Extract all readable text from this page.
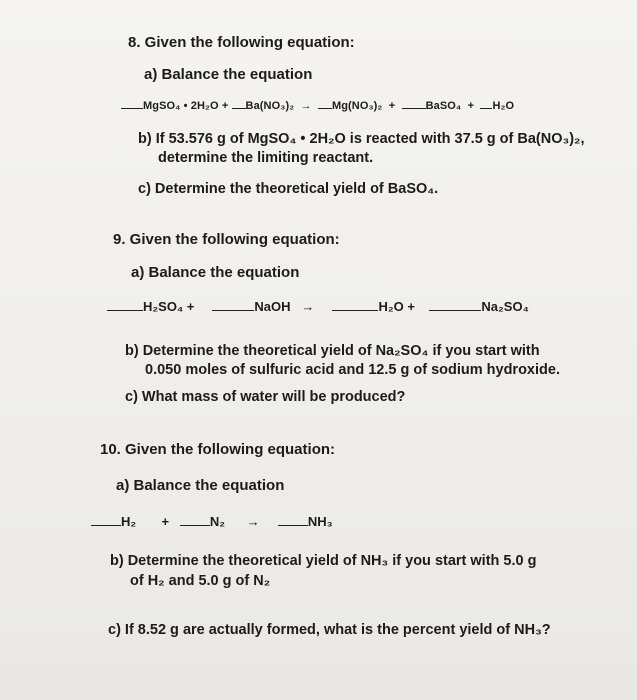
8. Given the following equation:
a) Balance the equation
MgSO₄ • 2H₂O + Ba(NO₃)₂ → Mg(NO₃)₂ +	BaSO₄ + H₂O
b) If 53.576 g of MgSO₄ • 2H₂O is reacted with 37.5 g of Ba(NO₃)₂,
determine the limiting reactant.
c) Determine the theoretical yield of BaSO₄.
9. Given the following equation:
a) Balance the equation
H₂SO₄ +	NaOH →	H₂O +	Na₂SO₄
b) Determine the theoretical yield of Na₂SO₄ if you start with
0.050 moles of sulfuric acid and 12.5 g of sodium hydroxide.
c) What mass of water will be produced?
10. Given the following equation:
a) Balance the equation
H₂ +	N₂ →	NH₃
b) Determine the theoretical yield of NH₃ if you start with 5.0 g
of H₂ and 5.0 g of N₂
c) If 8.52 g are actually formed, what is the percent yield of NH₃?
